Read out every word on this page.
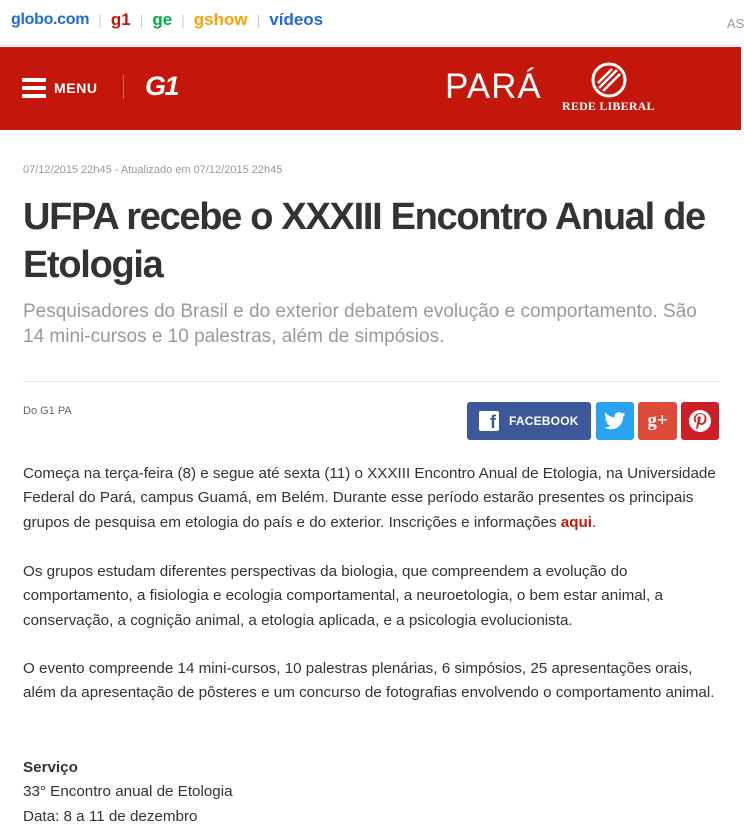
globo.com | g1 | ge | gshow | vídeos	AS
MENU G1	PARÁ REDE LIBERAL
07/12/2015 22h45 - Atualizado em 07/12/2015 22h45
UFPA recebe o XXXIII Encontro Anual de Etologia
Pesquisadores do Brasil e do exterior debatem evolução e comportamento. São 14 mini-cursos e 10 palestras, além de simpósios.
Do G1 PA
f FACEBOOK	g+

Começa na terça-feira (8) e segue até sexta (11) o XXXIII Encontro Anual de Etologia, na Universidade Federal do Pará, campus Guamá, em Belém. Durante esse período estarão presentes os principais grupos de pesquisa em etologia do país e do exterior. Inscrições e informações aqui.

Os grupos estudam diferentes perspectivas da biologia, que compreendem a evolução do comportamento, a fisiologia e ecologia comportamental, a neuroetologia, o bem estar animal, a conservação, a cognição animal, a etologia aplicada, e a psicologia evolucionista.

O evento compreende 14 mini-cursos, 10 palestras plenárias, 6 simpósios, 25 apresentações orais, além da apresentação de pôsteres e um concurso de fotografias envolvendo o comportamento animal.

Serviço
33° Encontro anual de Etologia
Data: 8 a 11 de dezembro
